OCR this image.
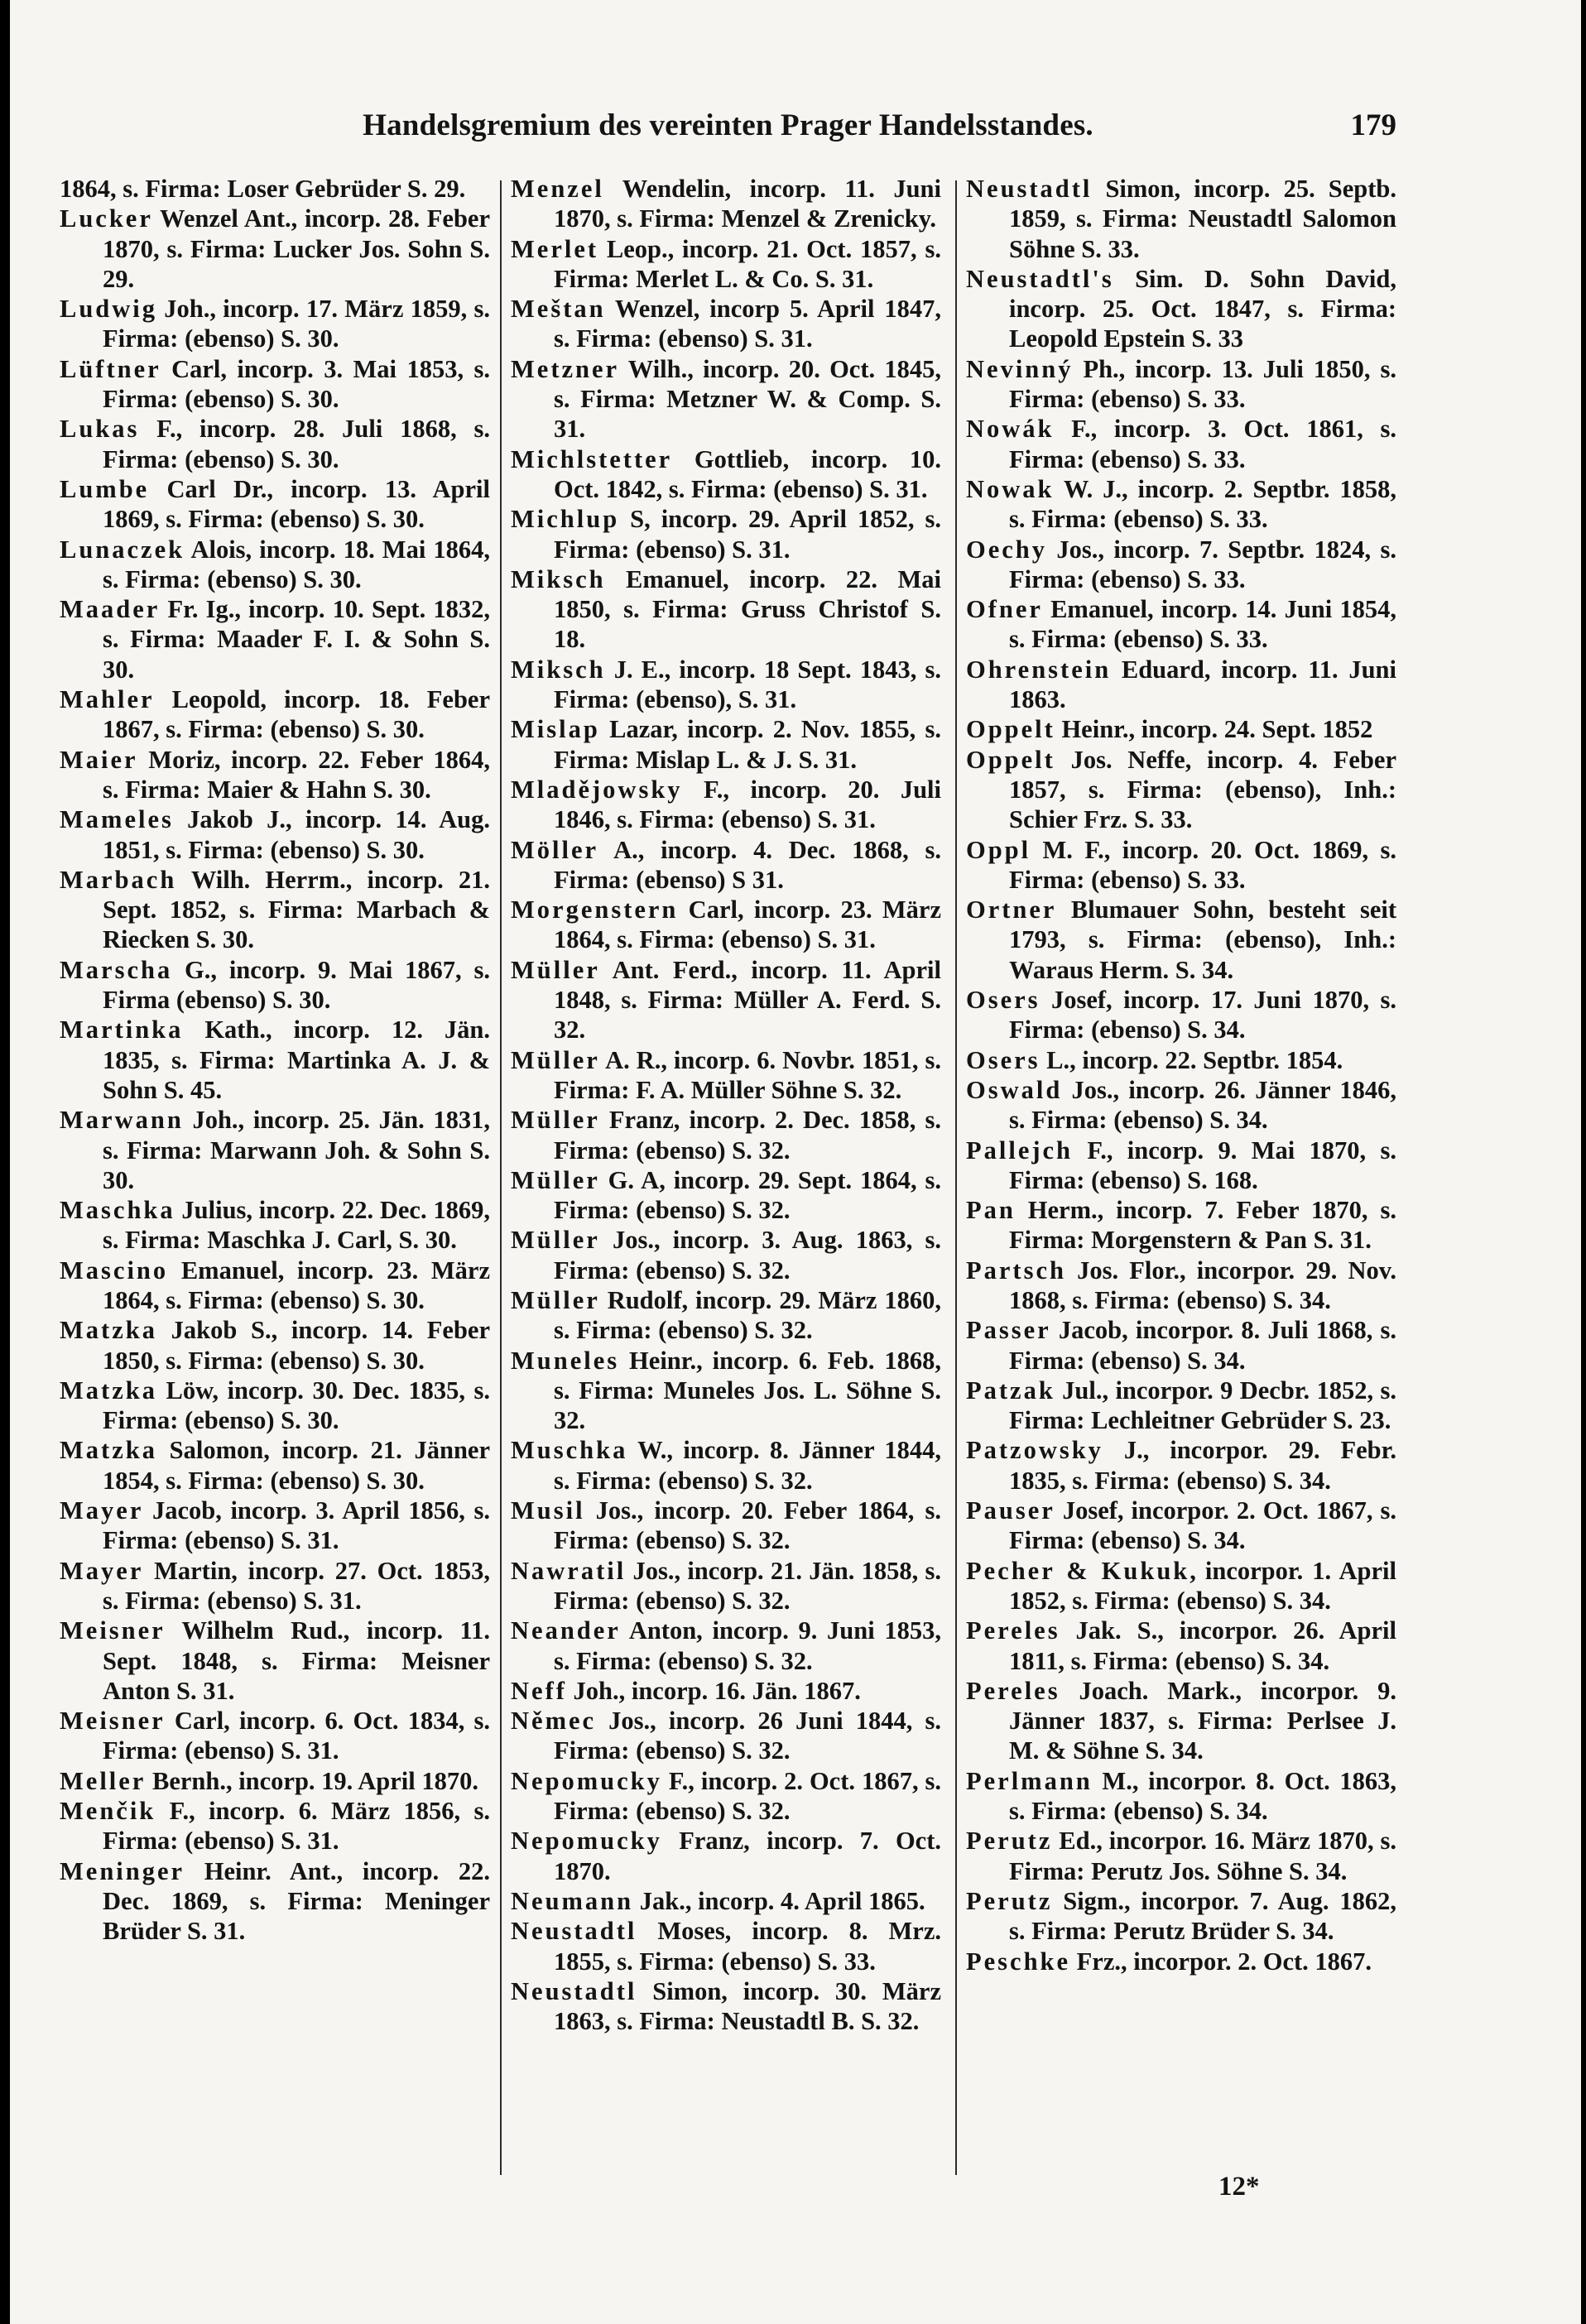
Handelsgremium des vereinten Prager Handelsstandes.	179

1864, s. Firma: Loser Gebrüder S. 29.

Lucker Wenzel Ant., incorp. 28. Feber 1870, s. Firma: Lucker Jos. Sohn S. 29.

Ludwig Joh., incorp. 17. März 1859, s. Firma: (ebenso) S. 30.

Lüftner Carl, incorp. 3. Mai 1853, s. Firma: (ebenso) S. 30.

Lukas F., incorp. 28. Juli 1868, s. Firma: (ebenso) S. 30.

Lumbe Carl Dr., incorp. 13. April 1869, s. Firma: (ebenso) S. 30.

Lunaczek Alois, incorp. 18. Mai 1864, s. Firma: (ebenso) S. 30.

Maader Fr. Ig., incorp. 10. Sept. 1832, s. Firma: Maader F. I. & Sohn S. 30.

Mahler Leopold, incorp. 18. Feber 1867, s. Firma: (ebenso) S. 30.

Maier Moriz, incorp. 22. Feber 1864, s. Firma: Maier & Hahn S. 30.

Mameles Jakob J., incorp. 14. Aug. 1851, s. Firma: (ebenso) S. 30.

Marbach Wilh. Herrm., incorp. 21. Sept. 1852, s. Firma: Marbach & Riecken S. 30.

Marscha G., incorp. 9. Mai 1867, s. Firma (ebenso) S. 30.

Martinka Kath., incorp. 12. Jän. 1835, s. Firma: Martinka A. J. & Sohn S. 45.

Marwann Joh., incorp. 25. Jän. 1831, s. Firma: Marwann Joh. & Sohn S. 30.

Maschka Julius, incorp. 22. Dec. 1869, s. Firma: Maschka J. Carl, S. 30.

Mascino Emanuel, incorp. 23. März 1864, s. Firma: (ebenso) S. 30.

Matzka Jakob S., incorp. 14. Feber 1850, s. Firma: (ebenso) S. 30.

Matzka Löw, incorp. 30. Dec. 1835, s. Firma: (ebenso) S. 30.

Matzka Salomon, incorp. 21. Jänner 1854, s. Firma: (ebenso) S. 30.

Mayer Jacob, incorp. 3. April 1856, s. Firma: (ebenso) S. 31.

Mayer Martin, incorp. 27. Oct. 1853, s. Firma: (ebenso) S. 31.

Meisner Wilhelm Rud., incorp. 11. Sept. 1848, s. Firma: Meisner Anton S. 31.

Meisner Carl, incorp. 6. Oct. 1834, s. Firma: (ebenso) S. 31.

Meller Bernh., incorp. 19. April 1870.

Menčik F., incorp. 6. März 1856, s. Firma: (ebenso) S. 31.

Meninger Heinr. Ant., incorp. 22. Dec. 1869, s. Firma: Meninger Brüder S. 31.

Menzel Wendelin, incorp. 11. Juni 1870, s. Firma: Menzel & Zrenicky.

Merlet Leop., incorp. 21. Oct. 1857, s. Firma: Merlet L. & Co. S. 31.

Meštan Wenzel, incorp 5. April 1847, s. Firma: (ebenso) S. 31.

Metzner Wilh., incorp. 20. Oct. 1845, s. Firma: Metzner W. & Comp. S. 31.

Michlstetter Gottlieb, incorp. 10. Oct. 1842, s. Firma: (ebenso) S. 31.

Michlup S, incorp. 29. April 1852, s. Firma: (ebenso) S. 31.

Miksch Emanuel, incorp. 22. Mai 1850, s. Firma: Gruss Christof S. 18.

Miksch J. E., incorp. 18 Sept. 1843, s. Firma: (ebenso), S. 31.

Mislap Lazar, incorp. 2. Nov. 1855, s. Firma: Mislap L. & J. S. 31.

Mladějowsky F., incorp. 20. Juli 1846, s. Firma: (ebenso) S. 31.

Möller A., incorp. 4. Dec. 1868, s. Firma: (ebenso) S 31.

Morgenstern Carl, incorp. 23. März 1864, s. Firma: (ebenso) S. 31.

Müller Ant. Ferd., incorp. 11. April 1848, s. Firma: Müller A. Ferd. S. 32.

Müller A. R., incorp. 6. Novbr. 1851, s. Firma: F. A. Müller Söhne S. 32.

Müller Franz, incorp. 2. Dec. 1858, s. Firma: (ebenso) S. 32.

Müller G. A, incorp. 29. Sept. 1864, s. Firma: (ebenso) S. 32.

Müller Jos., incorp. 3. Aug. 1863, s. Firma: (ebenso) S. 32.

Müller Rudolf, incorp. 29. März 1860, s. Firma: (ebenso) S. 32.

Muneles Heinr., incorp. 6. Feb. 1868, s. Firma: Muneles Jos. L. Söhne S. 32.

Muschka W., incorp. 8. Jänner 1844, s. Firma: (ebenso) S. 32.

Musil Jos., incorp. 20. Feber 1864, s. Firma: (ebenso) S. 32.

Nawratil Jos., incorp. 21. Jän. 1858, s. Firma: (ebenso) S. 32.

Neander Anton, incorp. 9. Juni 1853, s. Firma: (ebenso) S. 32.

Neff Joh., incorp. 16. Jän. 1867.

Němec Jos., incorp. 26 Juni 1844, s. Firma: (ebenso) S. 32.

Nepomucky F., incorp. 2. Oct. 1867, s. Firma: (ebenso) S. 32.

Nepomucky Franz, incorp. 7. Oct. 1870.

Neumann Jak., incorp. 4. April 1865.

Neustadtl Moses, incorp. 8. Mrz. 1855, s. Firma: (ebenso) S. 33.

Neustadtl Simon, incorp. 30. März 1863, s. Firma: Neustadtl B. S. 32.

Neustadtl Simon, incorp. 25. Septb. 1859, s. Firma: Neustadtl Salomon Söhne S. 33.

Neustadtl's Sim. D. Sohn David, incorp. 25. Oct. 1847, s. Firma: Leopold Epstein S. 33

Nevinný Ph., incorp. 13. Juli 1850, s. Firma: (ebenso) S. 33.

Nowák F., incorp. 3. Oct. 1861, s. Firma: (ebenso) S. 33.

Nowak W. J., incorp. 2. Septbr. 1858, s. Firma: (ebenso) S. 33.

Oechy Jos., incorp. 7. Septbr. 1824, s. Firma: (ebenso) S. 33.

Ofner Emanuel, incorp. 14. Juni 1854, s. Firma: (ebenso) S. 33.

Ohrenstein Eduard, incorp. 11. Juni 1863.

Oppelt Heinr., incorp. 24. Sept. 1852

Oppelt Jos. Neffe, incorp. 4. Feber 1857, s. Firma: (ebenso), Inh.: Schier Frz. S. 33.

Oppl M. F., incorp. 20. Oct. 1869, s. Firma: (ebenso) S. 33.

Ortner Blumauer Sohn, besteht seit 1793, s. Firma: (ebenso), Inh.: Waraus Herm. S. 34.

Osers Josef, incorp. 17. Juni 1870, s. Firma: (ebenso) S. 34.

Osers L., incorp. 22. Septbr. 1854.

Oswald Jos., incorp. 26. Jänner 1846, s. Firma: (ebenso) S. 34.

Pallejch F., incorp. 9. Mai 1870, s. Firma: (ebenso) S. 168.

Pan Herm., incorp. 7. Feber 1870, s. Firma: Morgenstern & Pan S. 31.

Partsch Jos. Flor., incorpor. 29. Nov. 1868, s. Firma: (ebenso) S. 34.

Passer Jacob, incorpor. 8. Juli 1868, s. Firma: (ebenso) S. 34.

Patzak Jul., incorpor. 9 Decbr. 1852, s. Firma: Lechleitner Gebrüder S. 23.

Patzowsky J., incorpor. 29. Febr. 1835, s. Firma: (ebenso) S. 34.

Pauser Josef, incorpor. 2. Oct. 1867, s. Firma: (ebenso) S. 34.

Pecher & Kukuk, incorpor. 1. April 1852, s. Firma: (ebenso) S. 34.

Pereles Jak. S., incorpor. 26. April 1811, s. Firma: (ebenso) S. 34.

Pereles Joach. Mark., incorpor. 9. Jänner 1837, s. Firma: Perlsee J. M. & Söhne S. 34.

Perlmann M., incorpor. 8. Oct. 1863, s. Firma: (ebenso) S. 34.

Perutz Ed., incorpor. 16. März 1870, s. Firma: Perutz Jos. Söhne S. 34.

Perutz Sigm., incorpor. 7. Aug. 1862, s. Firma: Perutz Brüder S. 34.

Peschke Frz., incorpor. 2. Oct. 1867.

12*
